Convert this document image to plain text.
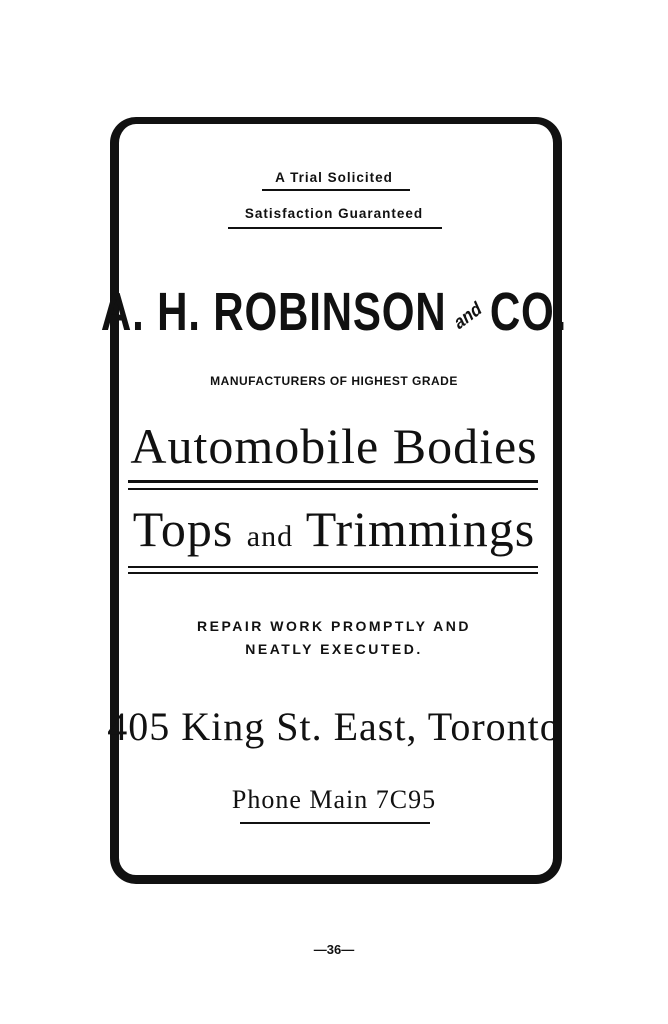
A Trial Solicited
Satisfaction Guaranteed
A. H. ROBINSON andCO.
MANUFACTURERS OF HIGHEST GRADE
Automobile Bodies
Tops and Trimmings
REPAIR WORK PROMPTLY AND
NEATLY EXECUTED.
405 King St. East, Toronto
Phone Main 7C95
—36—
